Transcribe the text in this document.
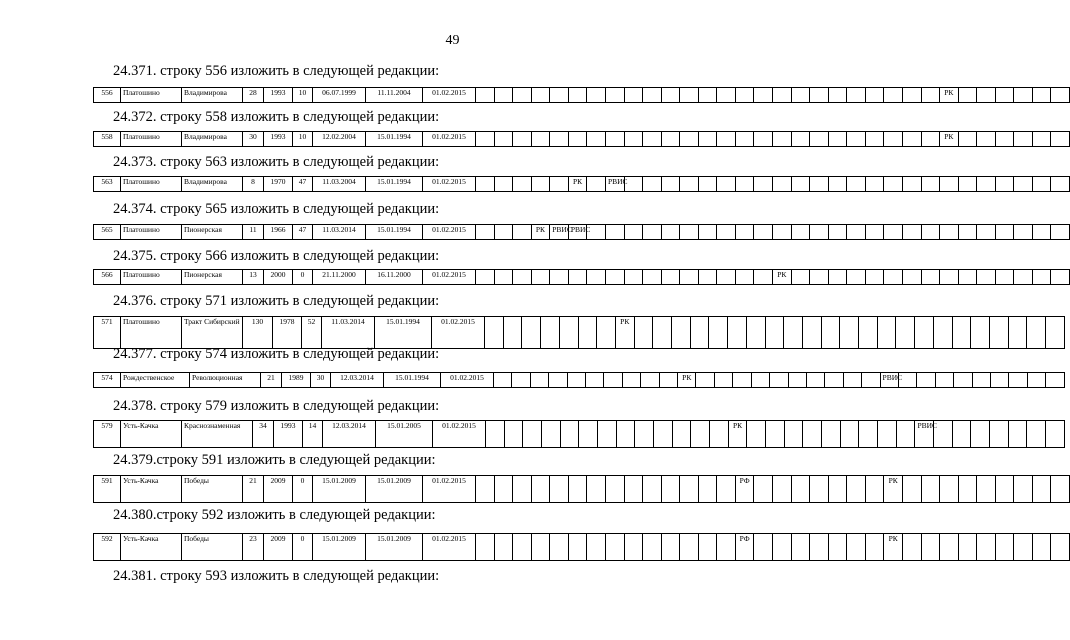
49
24.371. строку 556 изложить в следующей редакции:
556	Платошино	Владимирова	28	1993	10	06.07.1999	11.11.2004	01.02.2015																										РК						
24.372. строку 558 изложить в следующей редакции:
558	Платошино	Владимирова	30	1993	10	12.02.2004	15.01.1994	01.02.2015																										РК						
24.373. строку 563 изложить в следующей редакции:
563	Платошино	Владимирова	8	1970	47	11.03.2004	15.01.1994	01.02.2015						РК		РВИС																								
24.374. строку 565 изложить в следующей редакции:
565	Платошино	Пионерская	11	1966	47	11.03.2014	15.01.1994	01.02.2015				РК	РВИС	РВИС																										
24.375. строку 566 изложить в следующей редакции:
566	Платошино	Пионерская	13	2000	0	21.11.2000	16.11.2000	01.02.2015																	РК															
24.376. строку 571 изложить в следующей редакции:
571	Платошино	Тракт Сибирский	130	1978	52	11.03.2014	15.01.1994	01.02.2015								РК																							
24.377. строку 574 изложить в следующей редакции:
574	Рождественское	Революционная	21	1989	30	12.03.2014	15.01.1994	01.02.2015											РК											РВИС									
24.378. строку 579 изложить в следующей редакции:
579	Усть-Качка	Краснознаменная	34	1993	14	12.03.2014	15.01.2005	01.02.2015														РК										РВИС							
24.379.строку 591 изложить в следующей редакции:
591	Усть-Качка	Победы	21	2009	0	15.01.2009	15.01.2009	01.02.2015															РФ								РК									
24.380.строку 592 изложить в следующей редакции:
592	Усть-Качка	Победы	23	2009	0	15.01.2009	15.01.2009	01.02.2015															РФ								РК									
24.381. строку 593 изложить в следующей редакции:
